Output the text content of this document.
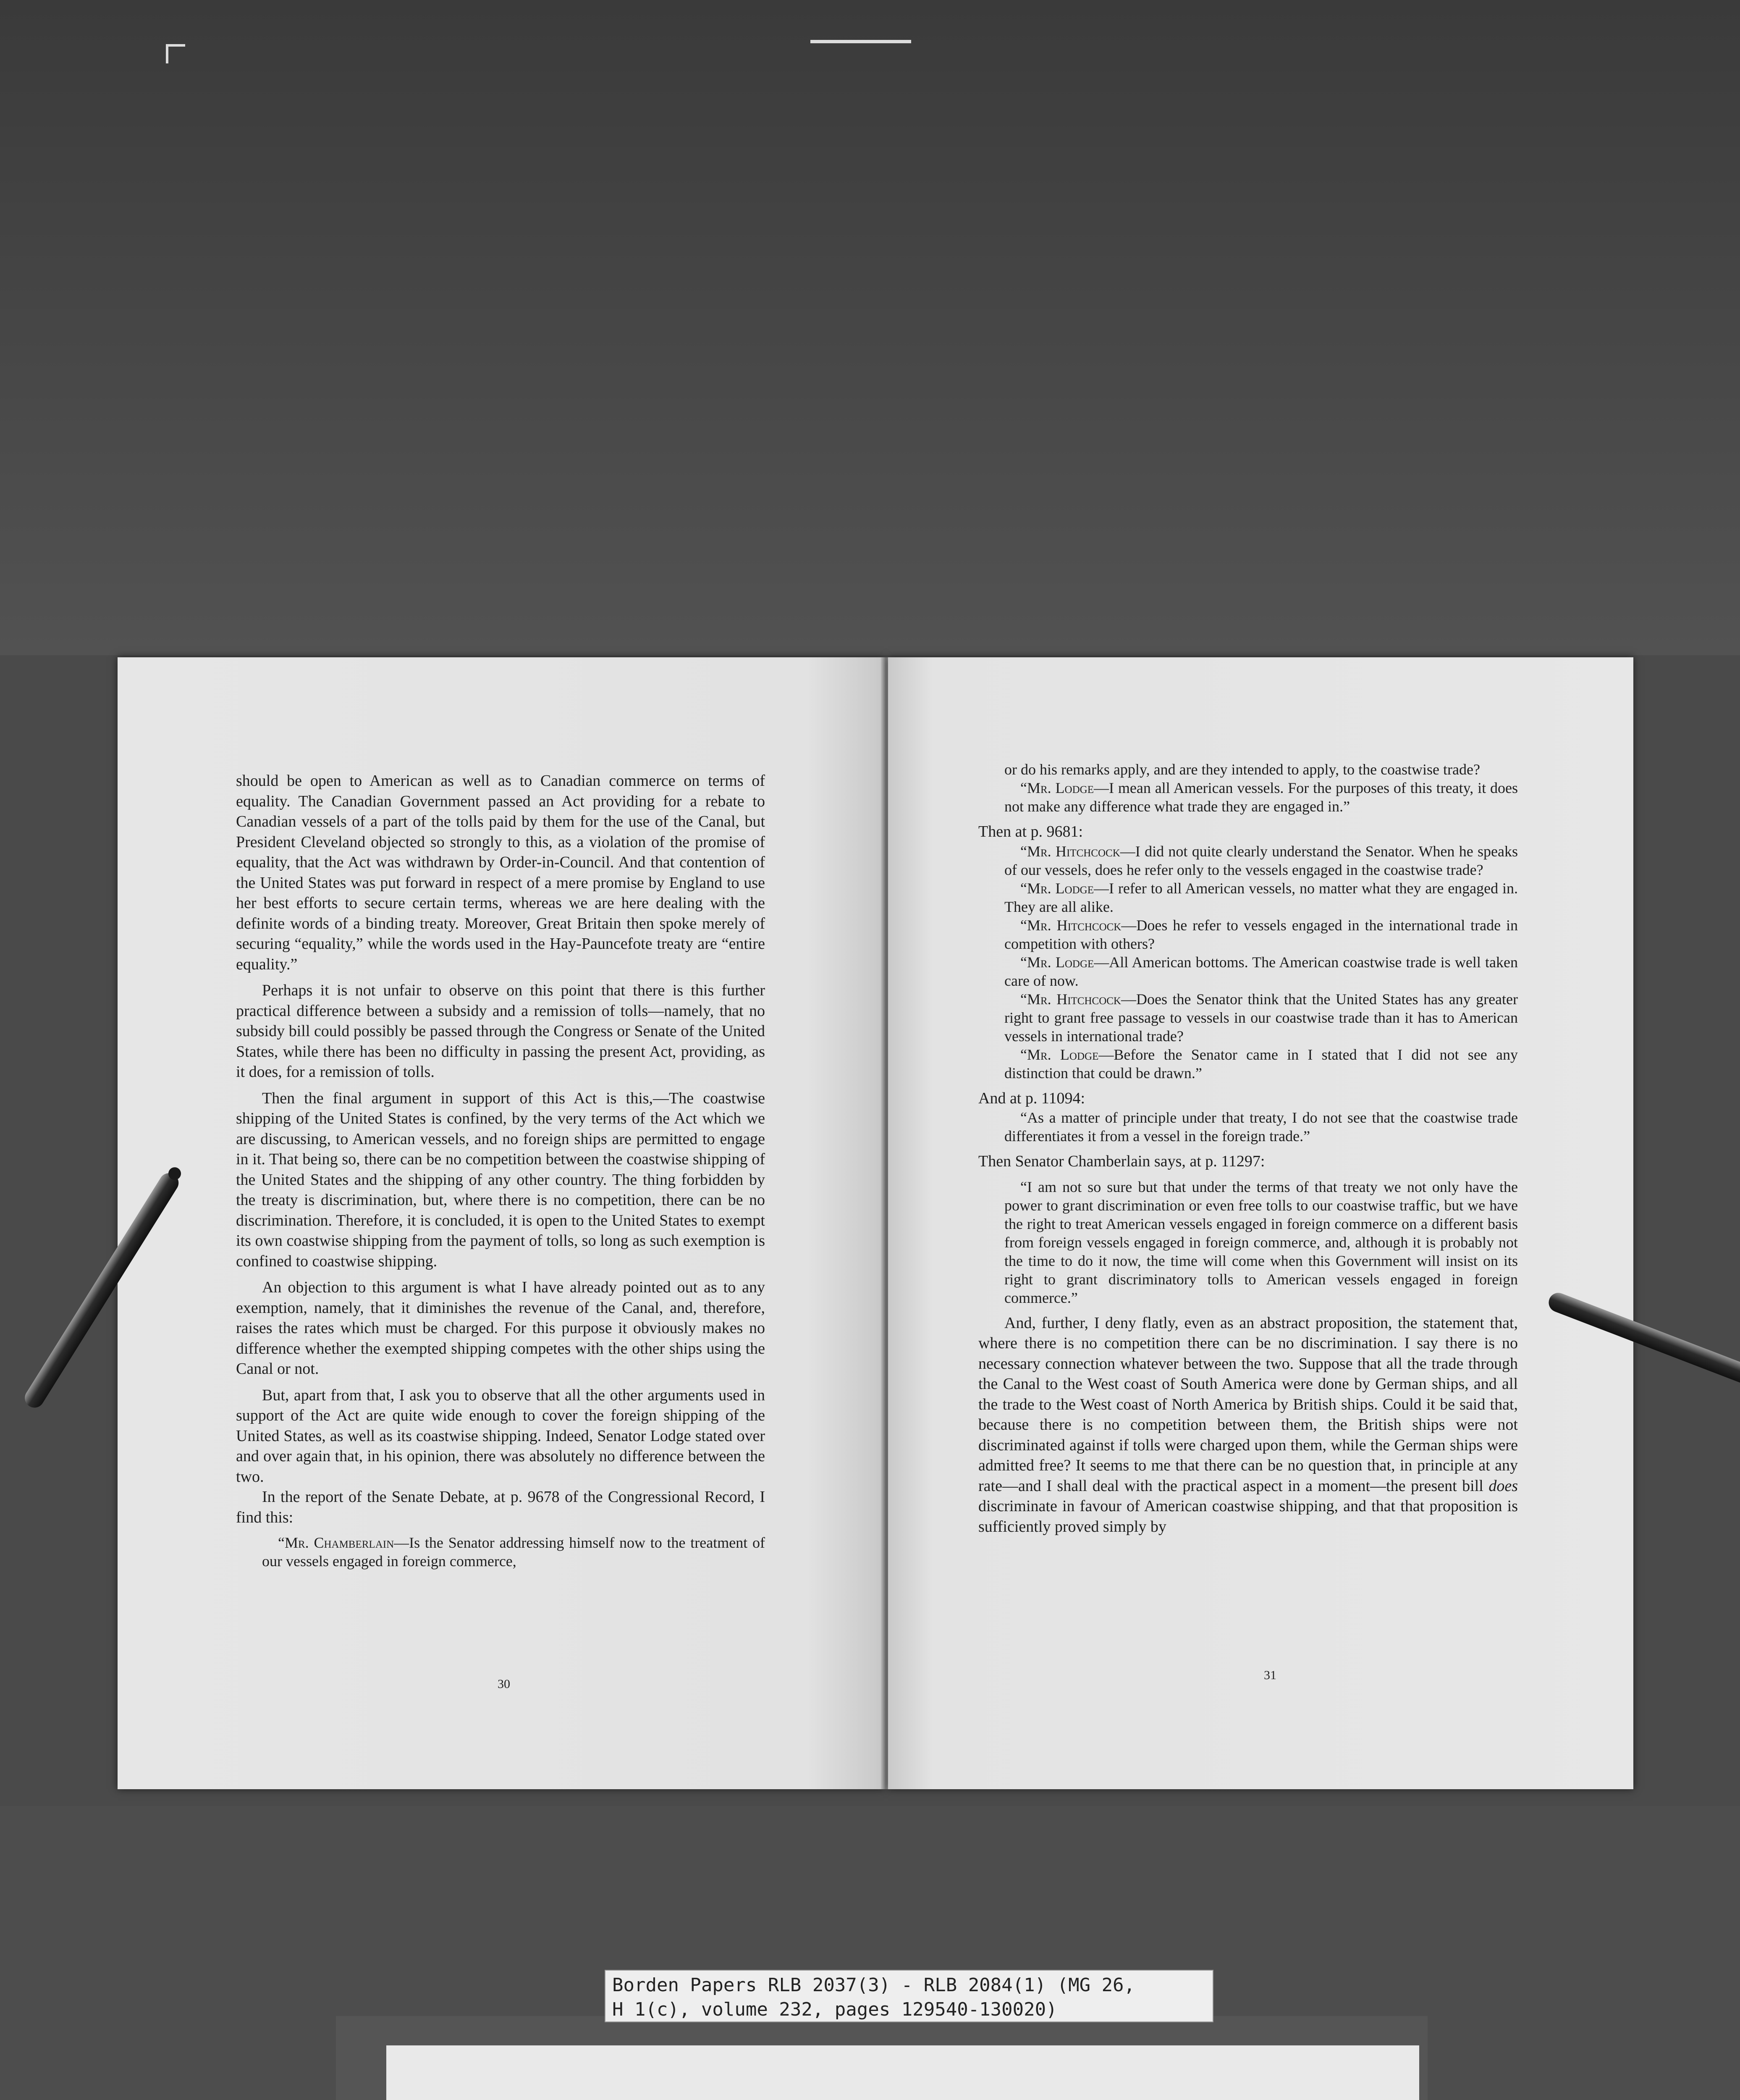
should be open to American as well as to Canadian commerce on terms of equality. The Canadian Government passed an Act providing for a rebate to Canadian vessels of a part of the tolls paid by them for the use of the Canal, but President Cleveland objected so strongly to this, as a violation of the promise of equality, that the Act was withdrawn by Order-in-Council. And that contention of the United States was put forward in respect of a mere promise by England to use her best efforts to secure certain terms, whereas we are here dealing with the definite words of a binding treaty. Moreover, Great Britain then spoke merely of securing “equality,” while the words used in the Hay-Pauncefote treaty are “entire equality.”

Perhaps it is not unfair to observe on this point that there is this further practical difference between a subsidy and a remission of tolls—namely, that no subsidy bill could possibly be passed through the Congress or Senate of the United States, while there has been no difficulty in passing the present Act, providing, as it does, for a remission of tolls.

Then the final argument in support of this Act is this,—The coastwise shipping of the United States is confined, by the very terms of the Act which we are discussing, to American vessels, and no foreign ships are permitted to engage in it. That being so, there can be no competition between the coastwise shipping of the United States and the shipping of any other country. The thing forbidden by the treaty is discrimination, but, where there is no competition, there can be no discrimination. Therefore, it is concluded, it is open to the United States to exempt its own coastwise shipping from the payment of tolls, so long as such exemption is confined to coastwise shipping.

An objection to this argument is what I have already pointed out as to any exemption, namely, that it diminishes the revenue of the Canal, and, therefore, raises the rates which must be charged. For this purpose it obviously makes no difference whether the exempted shipping competes with the other ships using the Canal or not.

But, apart from that, I ask you to observe that all the other arguments used in support of the Act are quite wide enough to cover the foreign shipping of the United States, as well as its coastwise shipping. Indeed, Senator Lodge stated over and over again that, in his opinion, there was absolutely no difference between the two.

In the report of the Senate Debate, at p. 9678 of the Congressional Record, I find this:

“Mr. Chamberlain—Is the Senator addressing himself now to the treatment of our vessels engaged in foreign commerce,

30

or do his remarks apply, and are they intended to apply, to the coastwise trade?

“Mr. Lodge—I mean all American vessels. For the purposes of this treaty, it does not make any difference what trade they are engaged in.”

Then at p. 9681:

“Mr. Hitchcock—I did not quite clearly understand the Senator. When he speaks of our vessels, does he refer only to the vessels engaged in the coastwise trade?

“Mr. Lodge—I refer to all American vessels, no matter what they are engaged in. They are all alike.

“Mr. Hitchcock—Does he refer to vessels engaged in the international trade in competition with others?

“Mr. Lodge—All American bottoms. The American coastwise trade is well taken care of now.

“Mr. Hitchcock—Does the Senator think that the United States has any greater right to grant free passage to vessels in our coastwise trade than it has to American vessels in international trade?

“Mr. Lodge—Before the Senator came in I stated that I did not see any distinction that could be drawn.”

And at p. 11094:

“As a matter of principle under that treaty, I do not see that the coastwise trade differentiates it from a vessel in the foreign trade.”

Then Senator Chamberlain says, at p. 11297:

“I am not so sure but that under the terms of that treaty we not only have the power to grant discrimination or even free tolls to our coastwise traffic, but we have the right to treat American vessels engaged in foreign commerce on a different basis from foreign vessels engaged in foreign commerce, and, although it is probably not the time to do it now, the time will come when this Government will insist on its right to grant discriminatory tolls to American vessels engaged in foreign commerce.”

And, further, I deny flatly, even as an abstract proposition, the statement that, where there is no competition there can be no discrimination. I say there is no necessary connection whatever between the two. Suppose that all the trade through the Canal to the West coast of South America were done by German ships, and all the trade to the West coast of North America by British ships. Could it be said that, because there is no competition between them, the British ships were not discriminated against if tolls were charged upon them, while the German ships were admitted free? It seems to me that there can be no question that, in principle at any rate—and I shall deal with the practical aspect in a moment—the present bill does discriminate in favour of American coastwise shipping, and that that proposition is sufficiently proved simply by

31
Borden Papers RLB 2037(3) - RLB 2084(1) (MG 26,
H 1(c), volume 232, pages 129540-130020)
